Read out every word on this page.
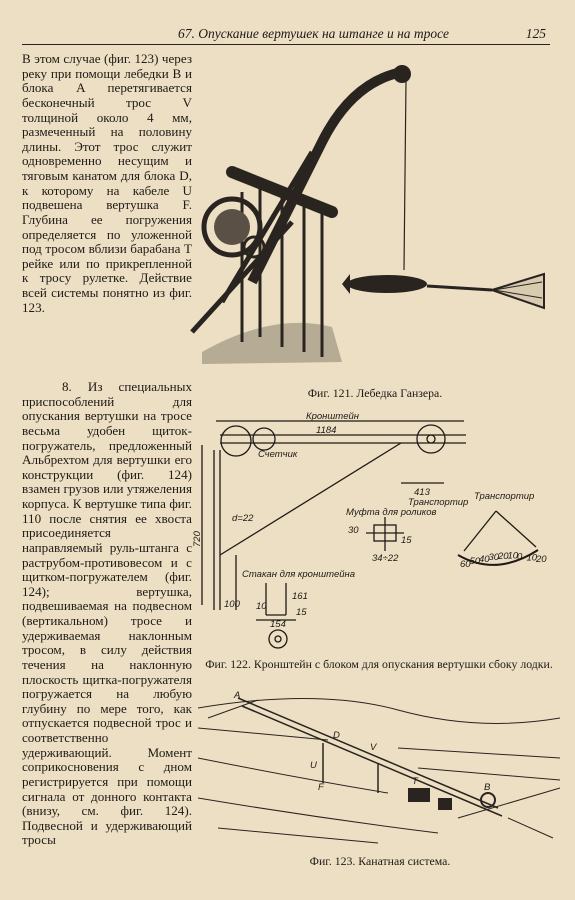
67. Опускание вертушек на штанге и на тросе	125
В этом случае (фиг. 123) через реку при помощи лебедки B и блока A перетягивается бесконечный трос V толщиной около 4 мм, размеченный на половину длины. Этот трос служит одновременно несущим и тяговым канатом для блока D, к которому на кабеле U подвешена вертушка F. Глубина ее погружения определяется по уложенной под тросом вблизи барабана T рейке или по прикрепленной к тросу рулетке. Действие всей системы понятно из фиг. 123.
8. Из специальных приспособлений для опускания вертушки на тросе весьма удобен щиток-погружатель, предложенный Альбрехтом для вертушки его конструкции (фиг. 124) взамен грузов или утяжеления корпуса. К вертушке типа фиг. 110 после снятия ее хвоста присоединяется направляемый руль-штанга с раструбом-противовесом и с щитком-погружателем (фиг. 124); вертушка, подвешиваемая на подвесном (вертикальном) тросе и удерживаемая наклонным тросом, в силу действия течения на наклонную плоскость щитка-погружателя погружается на любую глубину по мере того, как отпускается подвесной трос и соответственно удерживающий. Момент соприкосновения с дном регистрируется при помощи сигнала от донного контакта (внизу, см. фиг. 124). Подвесной и удерживающий тросы
Фиг. 121. Лебедка Ганзера.
Кронштейн
1184
Счетчик
413
Транспортир
Транспортир
Муфта для роликов
30
15
34÷22
d=22
720
Стакан для кронштейна
161
10
15
154
100
60
50
40
30
20
10
0 10
20
Фиг. 122. Кронштейн с блоком для опускания вертушки сбоку лодки.
A
D
V
U
F
T
B
Фиг. 123. Канатная система.
